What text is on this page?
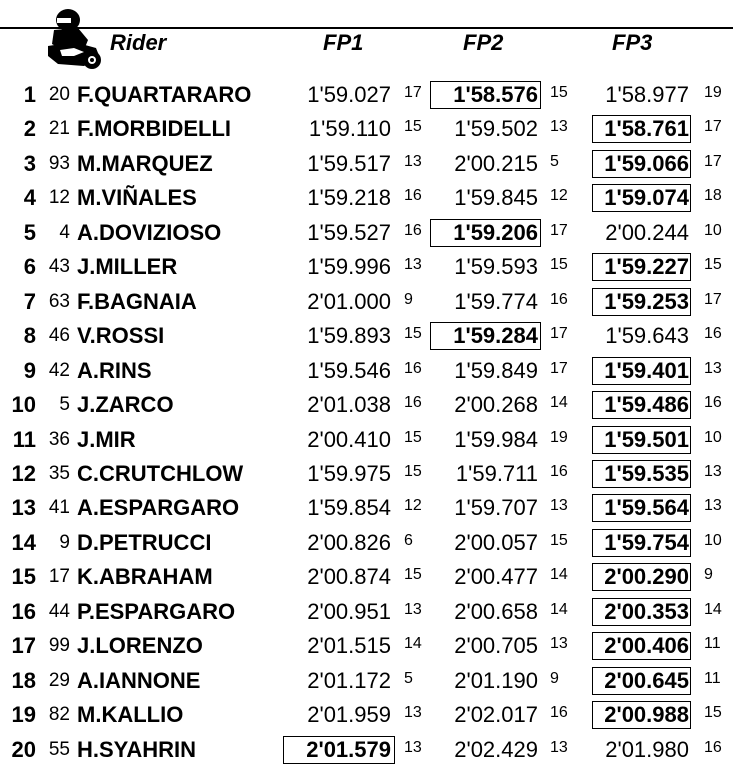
Rider	FP1	FP2	FP3
1 20 F.QUARTARARO	1'59.027 17	1'58.576 15	1'58.977 19
2 21 F.MORBIDELLI	1'59.110 15	1'59.502 13	1'58.761 17
3 93 M.MARQUEZ	1'59.517 13	2'00.215 5	1'59.066 17
4 12 M.VIÑALES	1'59.218 16	1'59.845 12	1'59.074 18
5	4 A.DOVIZIOSO	1'59.527 16	1'59.206 17	2'00.244 10
6 43 J.MILLER	1'59.996 13	1'59.593 15	1'59.227 15
7 63 F.BAGNAIA	2'01.000 9	1'59.774 16	1'59.253 17
8 46 V.ROSSI	1'59.893 15	1'59.284 17	1'59.643 16
9 42 A.RINS	1'59.546 16	1'59.849 17	1'59.401 13
10	5 J.ZARCO	2'01.038 16	2'00.268 14	1'59.486 16
11 36 J.MIR	2'00.410 15	1'59.984 19	1'59.501 10
12 35 C.CRUTCHLOW	1'59.975 15	1'59.711 16	1'59.535 13
13 41 A.ESPARGARO	1'59.854 12	1'59.707 13	1'59.564 13
14	9 D.PETRUCCI	2'00.826 6	2'00.057 15	1'59.754 10
15 17 K.ABRAHAM	2'00.874 15	2'00.477 14	2'00.290 9
16 44 P.ESPARGARO	2'00.951 13	2'00.658 14	2'00.353 14
17 99 J.LORENZO	2'01.515 14	2'00.705 13	2'00.406 11
18 29 A.IANNONE	2'01.172 5	2'01.190 9	2'00.645 11
19 82 M.KALLIO	2'01.959 13	2'02.017 16	2'00.988 15
20 55 H.SYAHRIN	2'01.579 13	2'02.429 13	2'01.980 16
